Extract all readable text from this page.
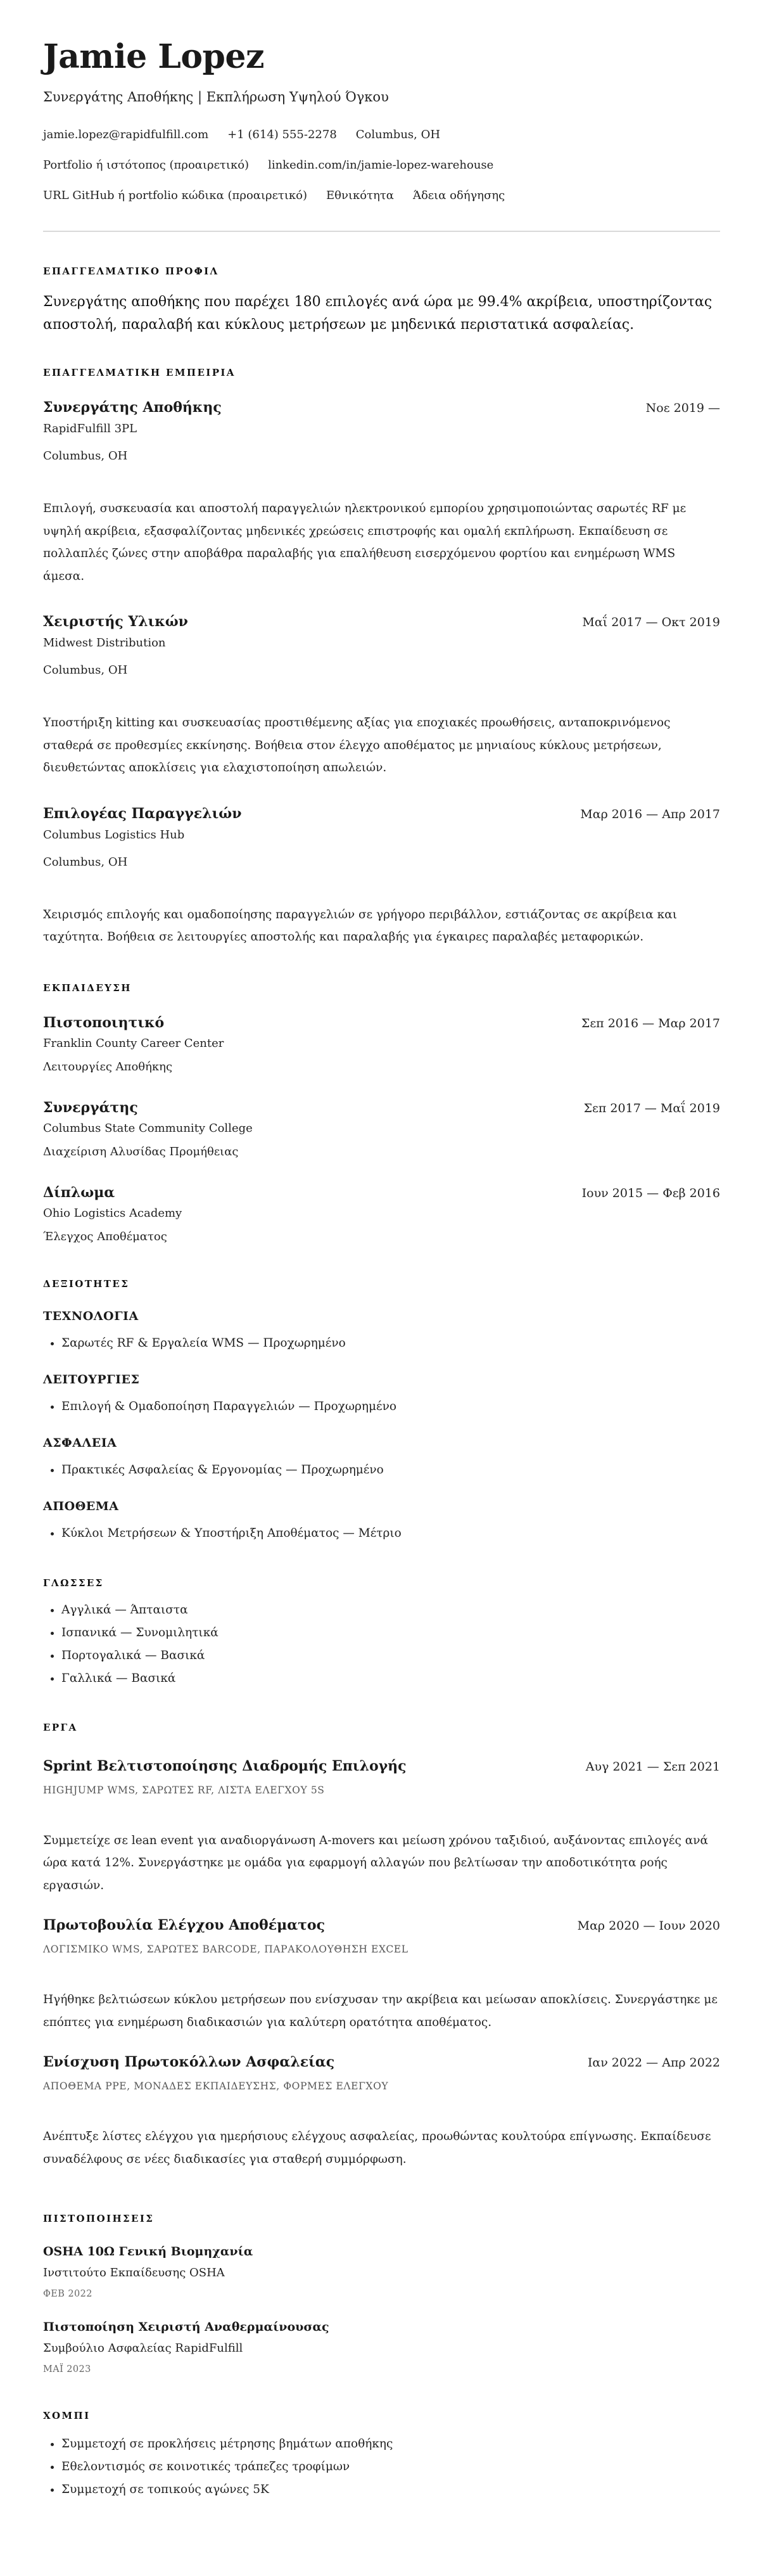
Jamie Lopez
Συνεργάτης Αποθήκης | Εκπλήρωση Υψηλού Όγκου
jamie.lopez@rapidfulfill.com +1 (614) 555-2278 Columbus, OH
Portfolio ή ιστότοπος (προαιρετικό) linkedin.com/in/jamie-lopez-warehouse
URL GitHub ή portfolio κώδικα (προαιρετικό) Εθνικότητα Άδεια οδήγησης
ΕΠΑΓΓΕΛΜΑΤΙΚΟ ΠΡΟΦΙΛ
Συνεργάτης αποθήκης που παρέχει 180 επιλογές ανά ώρα με 99.4% ακρίβεια, υποστηρίζοντας αποστολή, παραλαβή και κύκλους μετρήσεων με μηδενικά περιστατικά ασφαλείας.
ΕΠΑΓΓΕΛΜΑΤΙΚΗ ΕΜΠΕΙΡΙΑ
Συνεργάτης Αποθήκης	Νοε 2019 —
RapidFulfill 3PL
Columbus, OH
Επιλογή, συσκευασία και αποστολή παραγγελιών ηλεκτρονικού εμπορίου χρησιμοποιώντας σαρωτές RF με υψηλή ακρίβεια, εξασφαλίζοντας μηδενικές χρεώσεις επιστροφής και ομαλή εκπλήρωση. Εκπαίδευση σε πολλαπλές ζώνες στην αποβάθρα παραλαβής για επαλήθευση εισερχόμενου φορτίου και ενημέρωση WMS άμεσα.
Χειριστής Υλικών	Μαΐ 2017 — Οκτ 2019
Midwest Distribution
Columbus, OH
Υποστήριξη kitting και συσκευασίας προστιθέμενης αξίας για εποχιακές προωθήσεις, ανταποκρινόμενος σταθερά σε προθεσμίες εκκίνησης. Βοήθεια στον έλεγχο αποθέματος με μηνιαίους κύκλους μετρήσεων, διευθετώντας αποκλίσεις για ελαχιστοποίηση απωλειών.
Επιλογέας Παραγγελιών	Μαρ 2016 — Απρ 2017
Columbus Logistics Hub
Columbus, OH
Χειρισμός επιλογής και ομαδοποίησης παραγγελιών σε γρήγορο περιβάλλον, εστιάζοντας σε ακρίβεια και ταχύτητα. Βοήθεια σε λειτουργίες αποστολής και παραλαβής για έγκαιρες παραλαβές μεταφορικών.
ΕΚΠΑΙΔΕΥΣΗ
Πιστοποιητικό	Σεπ 2016 — Μαρ 2017
Franklin County Career Center
Λειτουργίες Αποθήκης
Συνεργάτης	Σεπ 2017 — Μαΐ 2019
Columbus State Community College
Διαχείριση Αλυσίδας Προμήθειας
Δίπλωμα	Ιουν 2015 — Φεβ 2016
Ohio Logistics Academy
Έλεγχος Αποθέματος
ΔΕΞΙΟΤΗΤΕΣ
ΤΕΧΝΟΛΟΓΙΑ
• Σαρωτές RF & Εργαλεία WMS — Προχωρημένο
ΛΕΙΤΟΥΡΓΙΕΣ
• Επιλογή & Ομαδοποίηση Παραγγελιών — Προχωρημένο
ΑΣΦΑΛΕΙΑ
• Πρακτικές Ασφαλείας & Εργονομίας — Προχωρημένο
ΑΠΟΘΕΜΑ
• Κύκλοι Μετρήσεων & Υποστήριξη Αποθέματος — Μέτριο
ΓΛΩΣΣΕΣ
• Αγγλικά — Άπταιστα
• Ισπανικά — Συνομιλητικά
• Πορτογαλικά — Βασικά
• Γαλλικά — Βασικά
ΕΡΓΑ
Sprint Βελτιστοποίησης Διαδρομής Επιλογής	Αυγ 2021 — Σεπ 2021
HIGHJUMP WMS, ΣΑΡΩΤΕΣ RF, ΛΙΣΤΑ ΕΛΕΓΧΟΥ 5S
Συμμετείχε σε lean event για αναδιοργάνωση A-movers και μείωση χρόνου ταξιδιού, αυξάνοντας επιλογές ανά ώρα κατά 12%. Συνεργάστηκε με ομάδα για εφαρμογή αλλαγών που βελτίωσαν την αποδοτικότητα ροής εργασιών.
Πρωτοβουλία Ελέγχου Αποθέματος	Μαρ 2020 — Ιουν 2020
ΛΟΓΙΣΜΙΚΟ WMS, ΣΑΡΩΤΕΣ BARCODE, ΠΑΡΑΚΟΛΟΥΘΗΣΗ EXCEL
Ηγήθηκε βελτιώσεων κύκλου μετρήσεων που ενίσχυσαν την ακρίβεια και μείωσαν αποκλίσεις. Συνεργάστηκε με επόπτες για ενημέρωση διαδικασιών για καλύτερη ορατότητα αποθέματος.
Ενίσχυση Πρωτοκόλλων Ασφαλείας	Ιαν 2022 — Απρ 2022
ΑΠΟΘΕΜΑ PPE, ΜΟΝΑΔΕΣ ΕΚΠΑΙΔΕΥΣΗΣ, ΦΟΡΜΕΣ ΕΛΕΓΧΟΥ
Ανέπτυξε λίστες ελέγχου για ημερήσιους ελέγχους ασφαλείας, προωθώντας κουλτούρα επίγνωσης. Εκπαίδευσε συναδέλφους σε νέες διαδικασίες για σταθερή συμμόρφωση.
ΠΙΣΤΟΠΟΙΗΣΕΙΣ
OSHA 10Ω Γενική Βιομηχανία
Ινστιτούτο Εκπαίδευσης OSHA
ΦΕΒ 2022
Πιστοποίηση Χειριστή Αναθερμαίνουσας
Συμβούλιο Ασφαλείας RapidFulfill
ΜΑΪ 2023
ΧΟΜΠΙ
• Συμμετοχή σε προκλήσεις μέτρησης βημάτων αποθήκης
• Εθελοντισμός σε κοινοτικές τράπεζες τροφίμων
• Συμμετοχή σε τοπικούς αγώνες 5K
